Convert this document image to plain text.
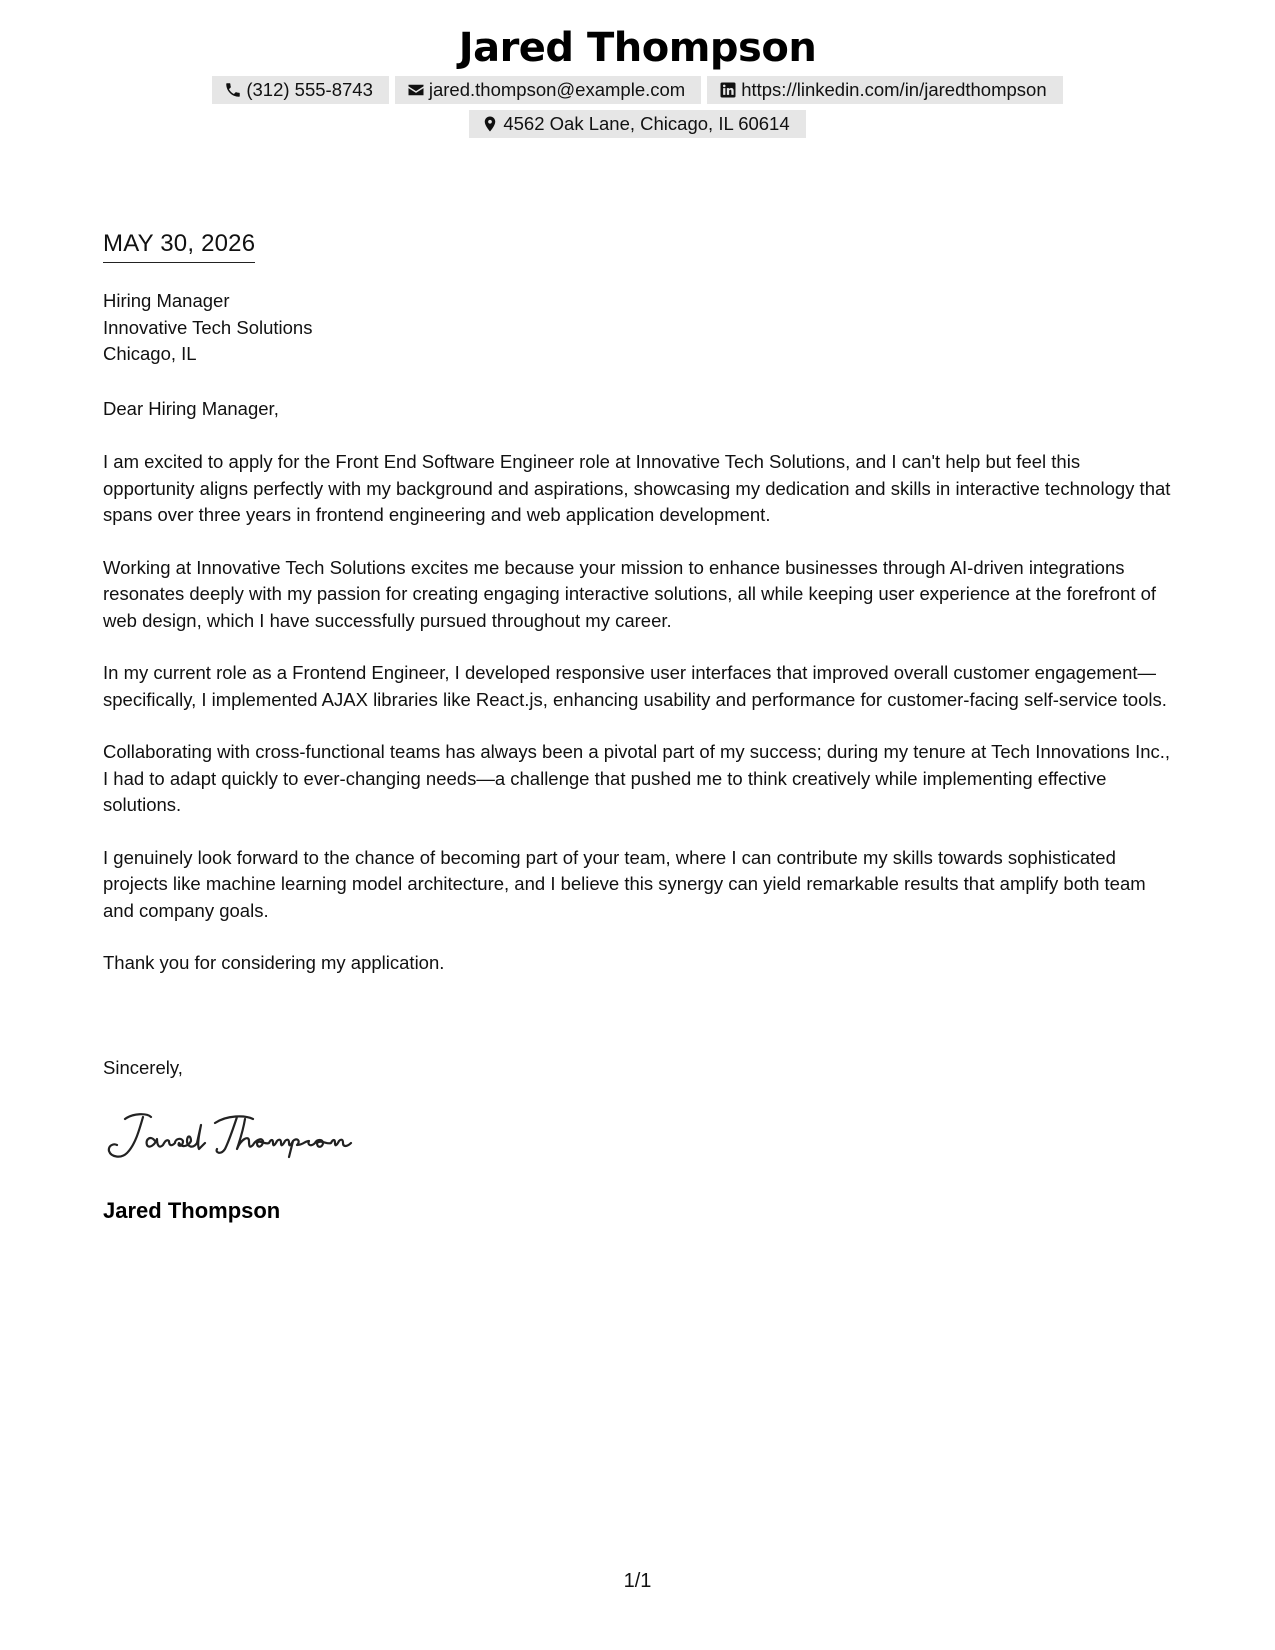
Jared Thompson
(312) 555-8743	jared.thompson@example.com	https://linkedin.com/in/jaredthompson
4562 Oak Lane, Chicago, IL 60614
MAY 30, 2026
Hiring Manager
Innovative Tech Solutions
Chicago, IL
Dear Hiring Manager,

I am excited to apply for the Front End Software Engineer role at Innovative Tech Solutions, and I can't help but feel this opportunity aligns perfectly with my background and aspirations, showcasing my dedication and skills in interactive technology that spans over three years in frontend engineering and web application development.

Working at Innovative Tech Solutions excites me because your mission to enhance businesses through AI-driven integrations resonates deeply with my passion for creating engaging interactive solutions, all while keeping user experience at the forefront of web design, which I have successfully pursued throughout my career.

In my current role as a Frontend Engineer, I developed responsive user interfaces that improved overall customer engagement—specifically, I implemented AJAX libraries like React.js, enhancing usability and performance for customer-facing self-service tools.

Collaborating with cross-functional teams has always been a pivotal part of my success; during my tenure at Tech Innovations Inc., I had to adapt quickly to ever-changing needs—a challenge that pushed me to think creatively while implementing effective solutions.

I genuinely look forward to the chance of becoming part of your team, where I can contribute my skills towards sophisticated projects like machine learning model architecture, and I believe this synergy can yield remarkable results that amplify both team and company goals.

Thank you for considering my application.

Sincerely,
Jared Thompson
1/1
